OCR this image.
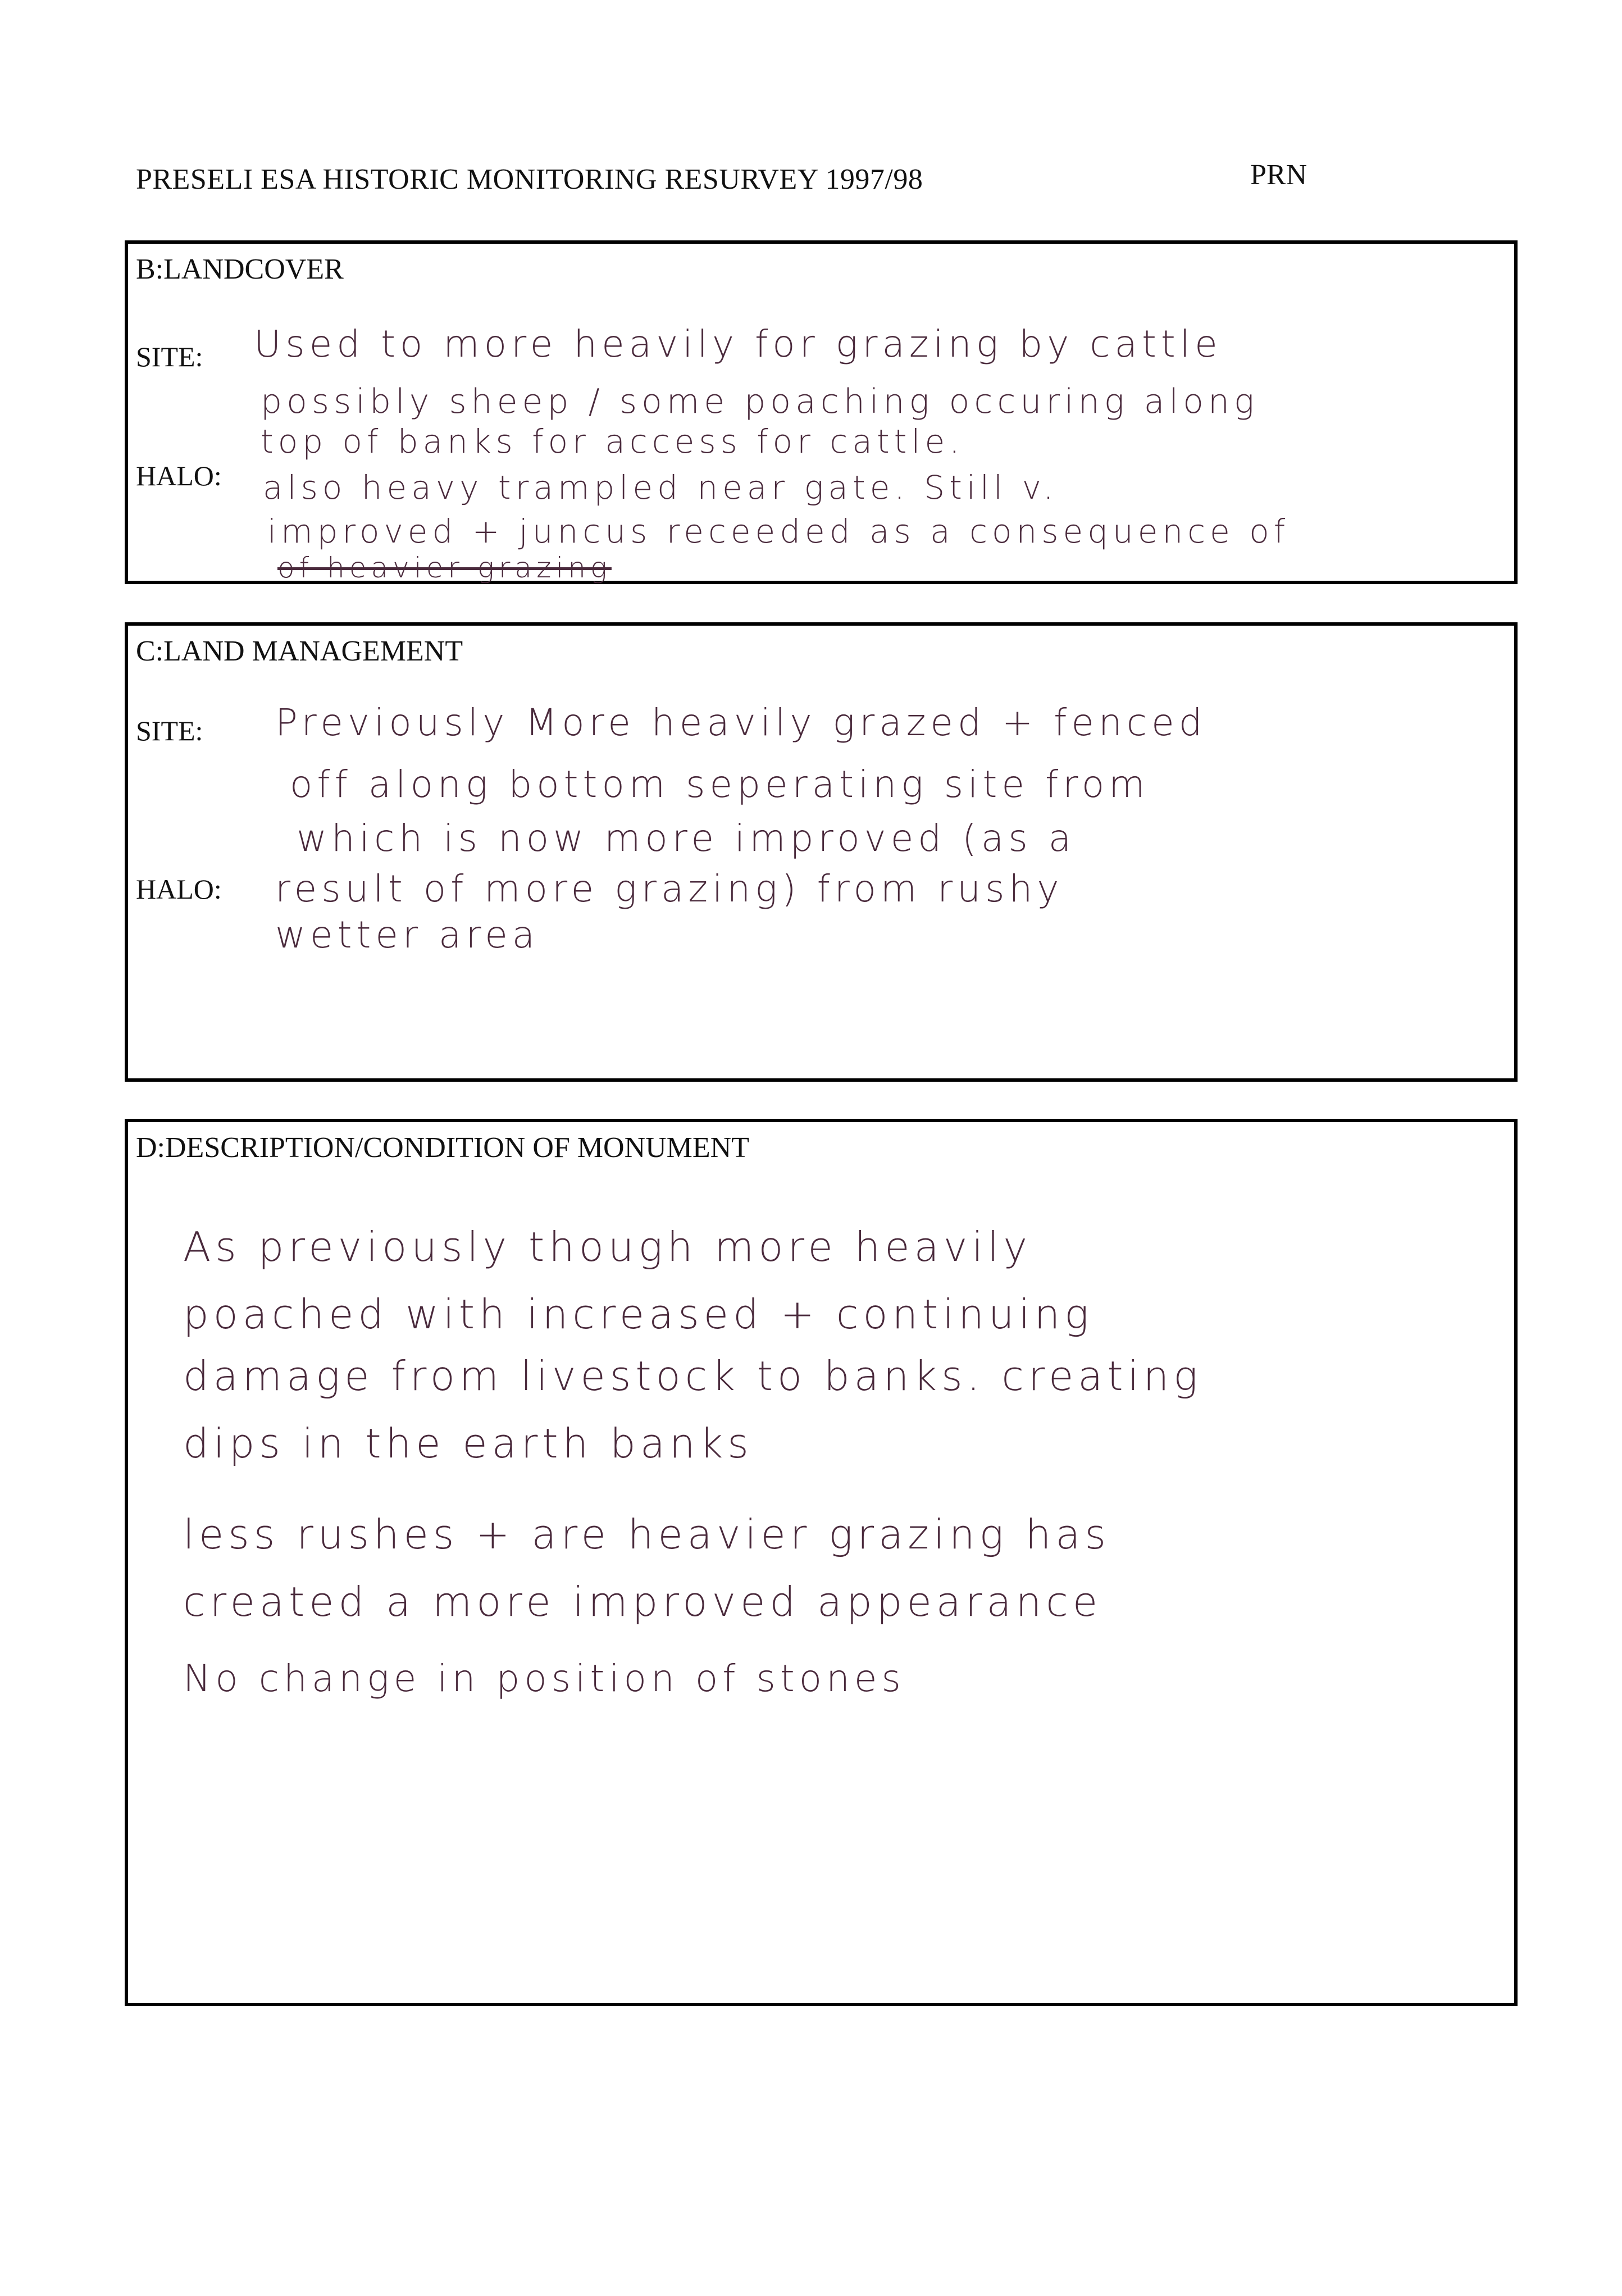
PRESELI ESA HISTORIC MONITORING RESURVEY 1997/98	PRN
B:LANDCOVER
SITE:
HALO:
Used to more heavily for grazing by cattle
possibly sheep / some poaching occuring along
top of banks for access for cattle.
also heavy trampled near gate. Still v.
improved + juncus receeded as a consequence of
of heavier grazing
C:LAND MANAGEMENT
SITE:
HALO:
Previously More heavily grazed + fenced
off along bottom seperating site from
which is now more improved (as a
result of more grazing) from rushy
wetter area
D:DESCRIPTION/CONDITION OF MONUMENT
As previously though more heavily
poached with increased + continuing
damage from livestock to banks. creating
dips in the earth banks
less rushes + are heavier grazing has
created a more improved appearance
No change in position of stones
